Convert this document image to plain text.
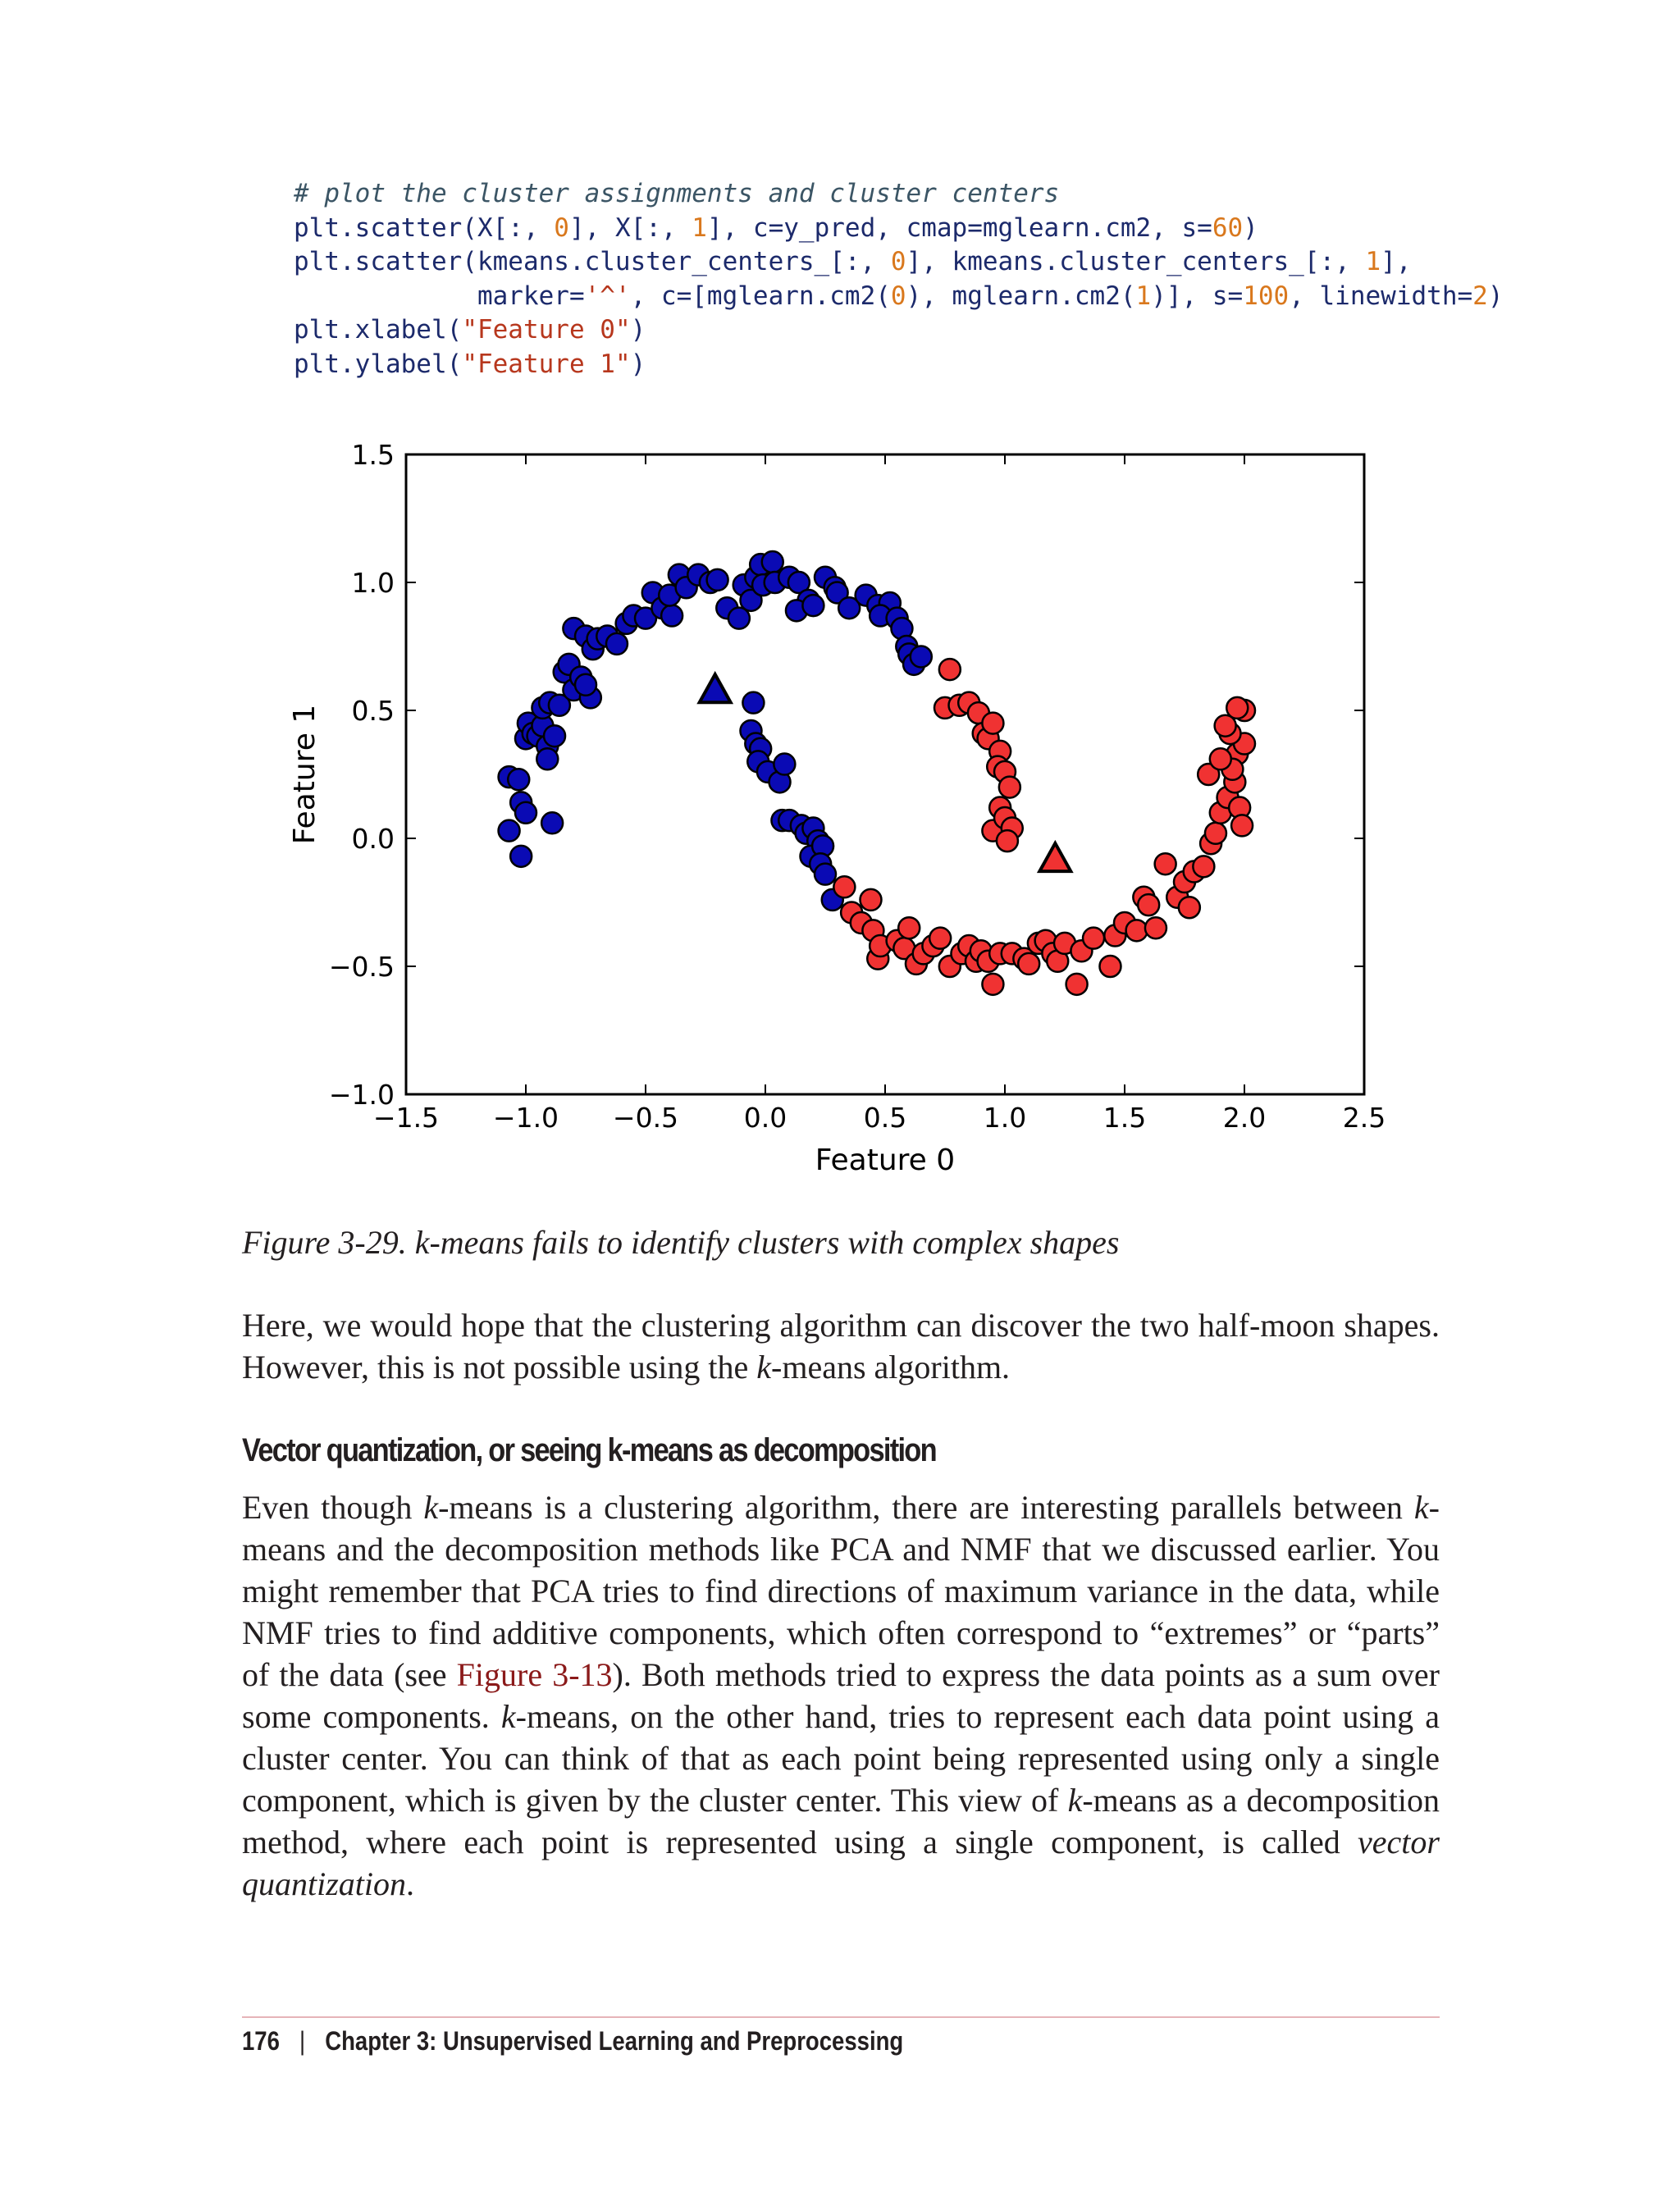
# plot the cluster assignments and cluster centers
plt.scatter(X[:, 0], X[:, 1], c=y_pred, cmap=mglearn.cm2, s=60)
plt.scatter(kmeans.cluster_centers_[:, 0], kmeans.cluster_centers_[:, 1],
marker='^', c=[mglearn.cm2(0), mglearn.cm2(1)], s=100, linewidth=2)
plt.xlabel("Feature 0")
plt.ylabel("Feature 1")
−1.5 −1.0 −0.5 0.0	0.5	1.0	1.5	2.0	2.5
−1.0
−0.5
0.0
0.5
1.0
1.5
Feature 0
Feature 1
Figure 3-29. k-means fails to identify clusters with complex shapes

Here, we would hope that the clustering algorithm can discover the two half-moon shapes. However, this is not possible using the k-means algorithm.

Vector quantization, or seeing k-means as decomposition

Even though k-means is a clustering algorithm, there are interesting parallels between k-means and the decomposition methods like PCA and NMF that we discussed earlier. You might remember that PCA tries to find directions of maximum variance in the data, while NMF tries to find additive components, which often correspond to “extremes” or “parts” of the data (see Figure 3-13). Both methods tried to express the data points as a sum over some components. k-means, on the other hand, tries to represent each data point using a cluster center. You can think of that as each point being represented using only a single component, which is given by the cluster center. This view of k-means as a decomposition method, where each point is represented using a single component, is called vector quantization.

176 | Chapter 3: Unsupervised Learning and Preprocessing
